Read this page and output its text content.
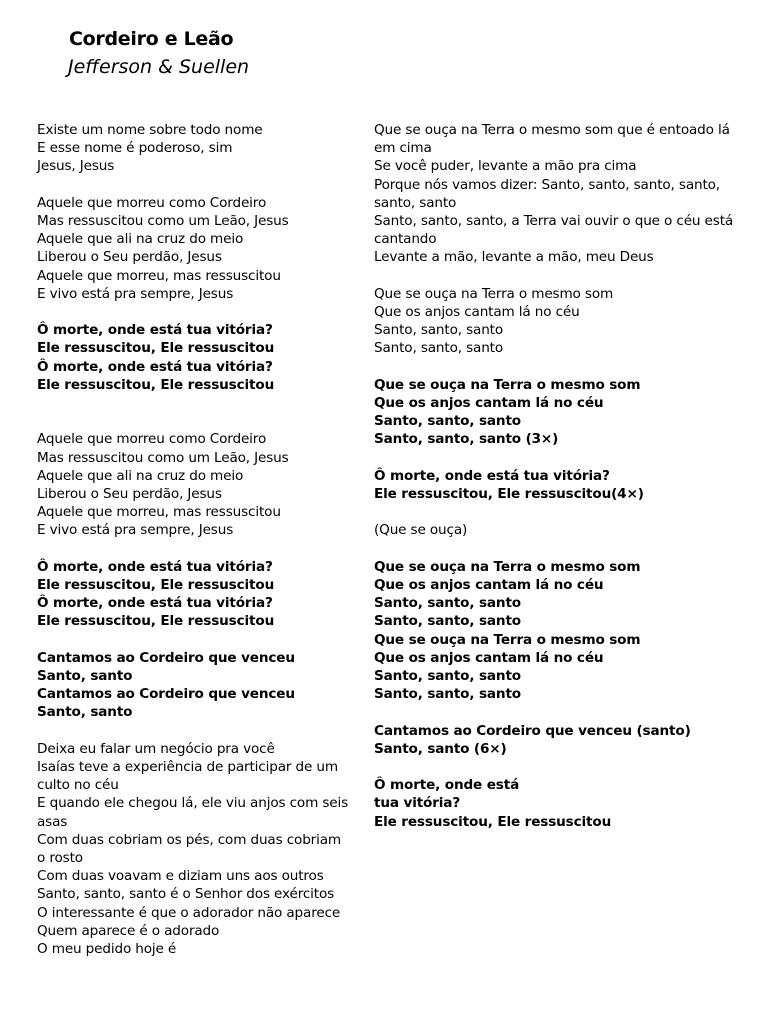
Cordeiro e Leão
Jefferson & Suellen
Existe um nome sobre todo nome
E esse nome é poderoso, sim
Jesus, Jesus
Aquele que morreu como Cordeiro
Mas ressuscitou como um Leão, Jesus
Aquele que ali na cruz do meio
Liberou o Seu perdão, Jesus
Aquele que morreu, mas ressuscitou
E vivo está pra sempre, Jesus
Ô morte, onde está tua vitória?
Ele ressuscitou, Ele ressuscitou
Ô morte, onde está tua vitória?
Ele ressuscitou, Ele ressuscitou
Aquele que morreu como Cordeiro
Mas ressuscitou como um Leão, Jesus
Aquele que ali na cruz do meio
Liberou o Seu perdão, Jesus
Aquele que morreu, mas ressuscitou
E vivo está pra sempre, Jesus
Ô morte, onde está tua vitória?
Ele ressuscitou, Ele ressuscitou
Ô morte, onde está tua vitória?
Ele ressuscitou, Ele ressuscitou
Cantamos ao Cordeiro que venceu
Santo, santo
Cantamos ao Cordeiro que venceu
Santo, santo
Deixa eu falar um negócio pra você
Isaías teve a experiência de participar de um culto no céu
E quando ele chegou lá, ele viu anjos com seis asas
Com duas cobriam os pés, com duas cobriam o rosto
Com duas voavam e diziam uns aos outros
Santo, santo, santo é o Senhor dos exércitos
O interessante é que o adorador não aparece
Quem aparece é o adorado
O meu pedido hoje é
Que se ouça na Terra o mesmo som que é entoado lá em cima
Se você puder, levante a mão pra cima
Porque nós vamos dizer: Santo, santo, santo, santo, santo, santo
Santo, santo, santo, a Terra vai ouvir o que o céu está cantando
Levante a mão, levante a mão, meu Deus
Que se ouça na Terra o mesmo som
Que os anjos cantam lá no céu
Santo, santo, santo
Santo, santo, santo
Que se ouça na Terra o mesmo som
Que os anjos cantam lá no céu
Santo, santo, santo
Santo, santo, santo (3×)
Ô morte, onde está tua vitória?
Ele ressuscitou, Ele ressuscitou(4×)
(Que se ouça)
Que se ouça na Terra o mesmo som
Que os anjos cantam lá no céu
Santo, santo, santo
Santo, santo, santo
Que se ouça na Terra o mesmo som
Que os anjos cantam lá no céu
Santo, santo, santo
Santo, santo, santo
Cantamos ao Cordeiro que venceu (santo)
Santo, santo (6×)
Ô morte, onde está
tua vitória?
Ele ressuscitou, Ele ressuscitou
